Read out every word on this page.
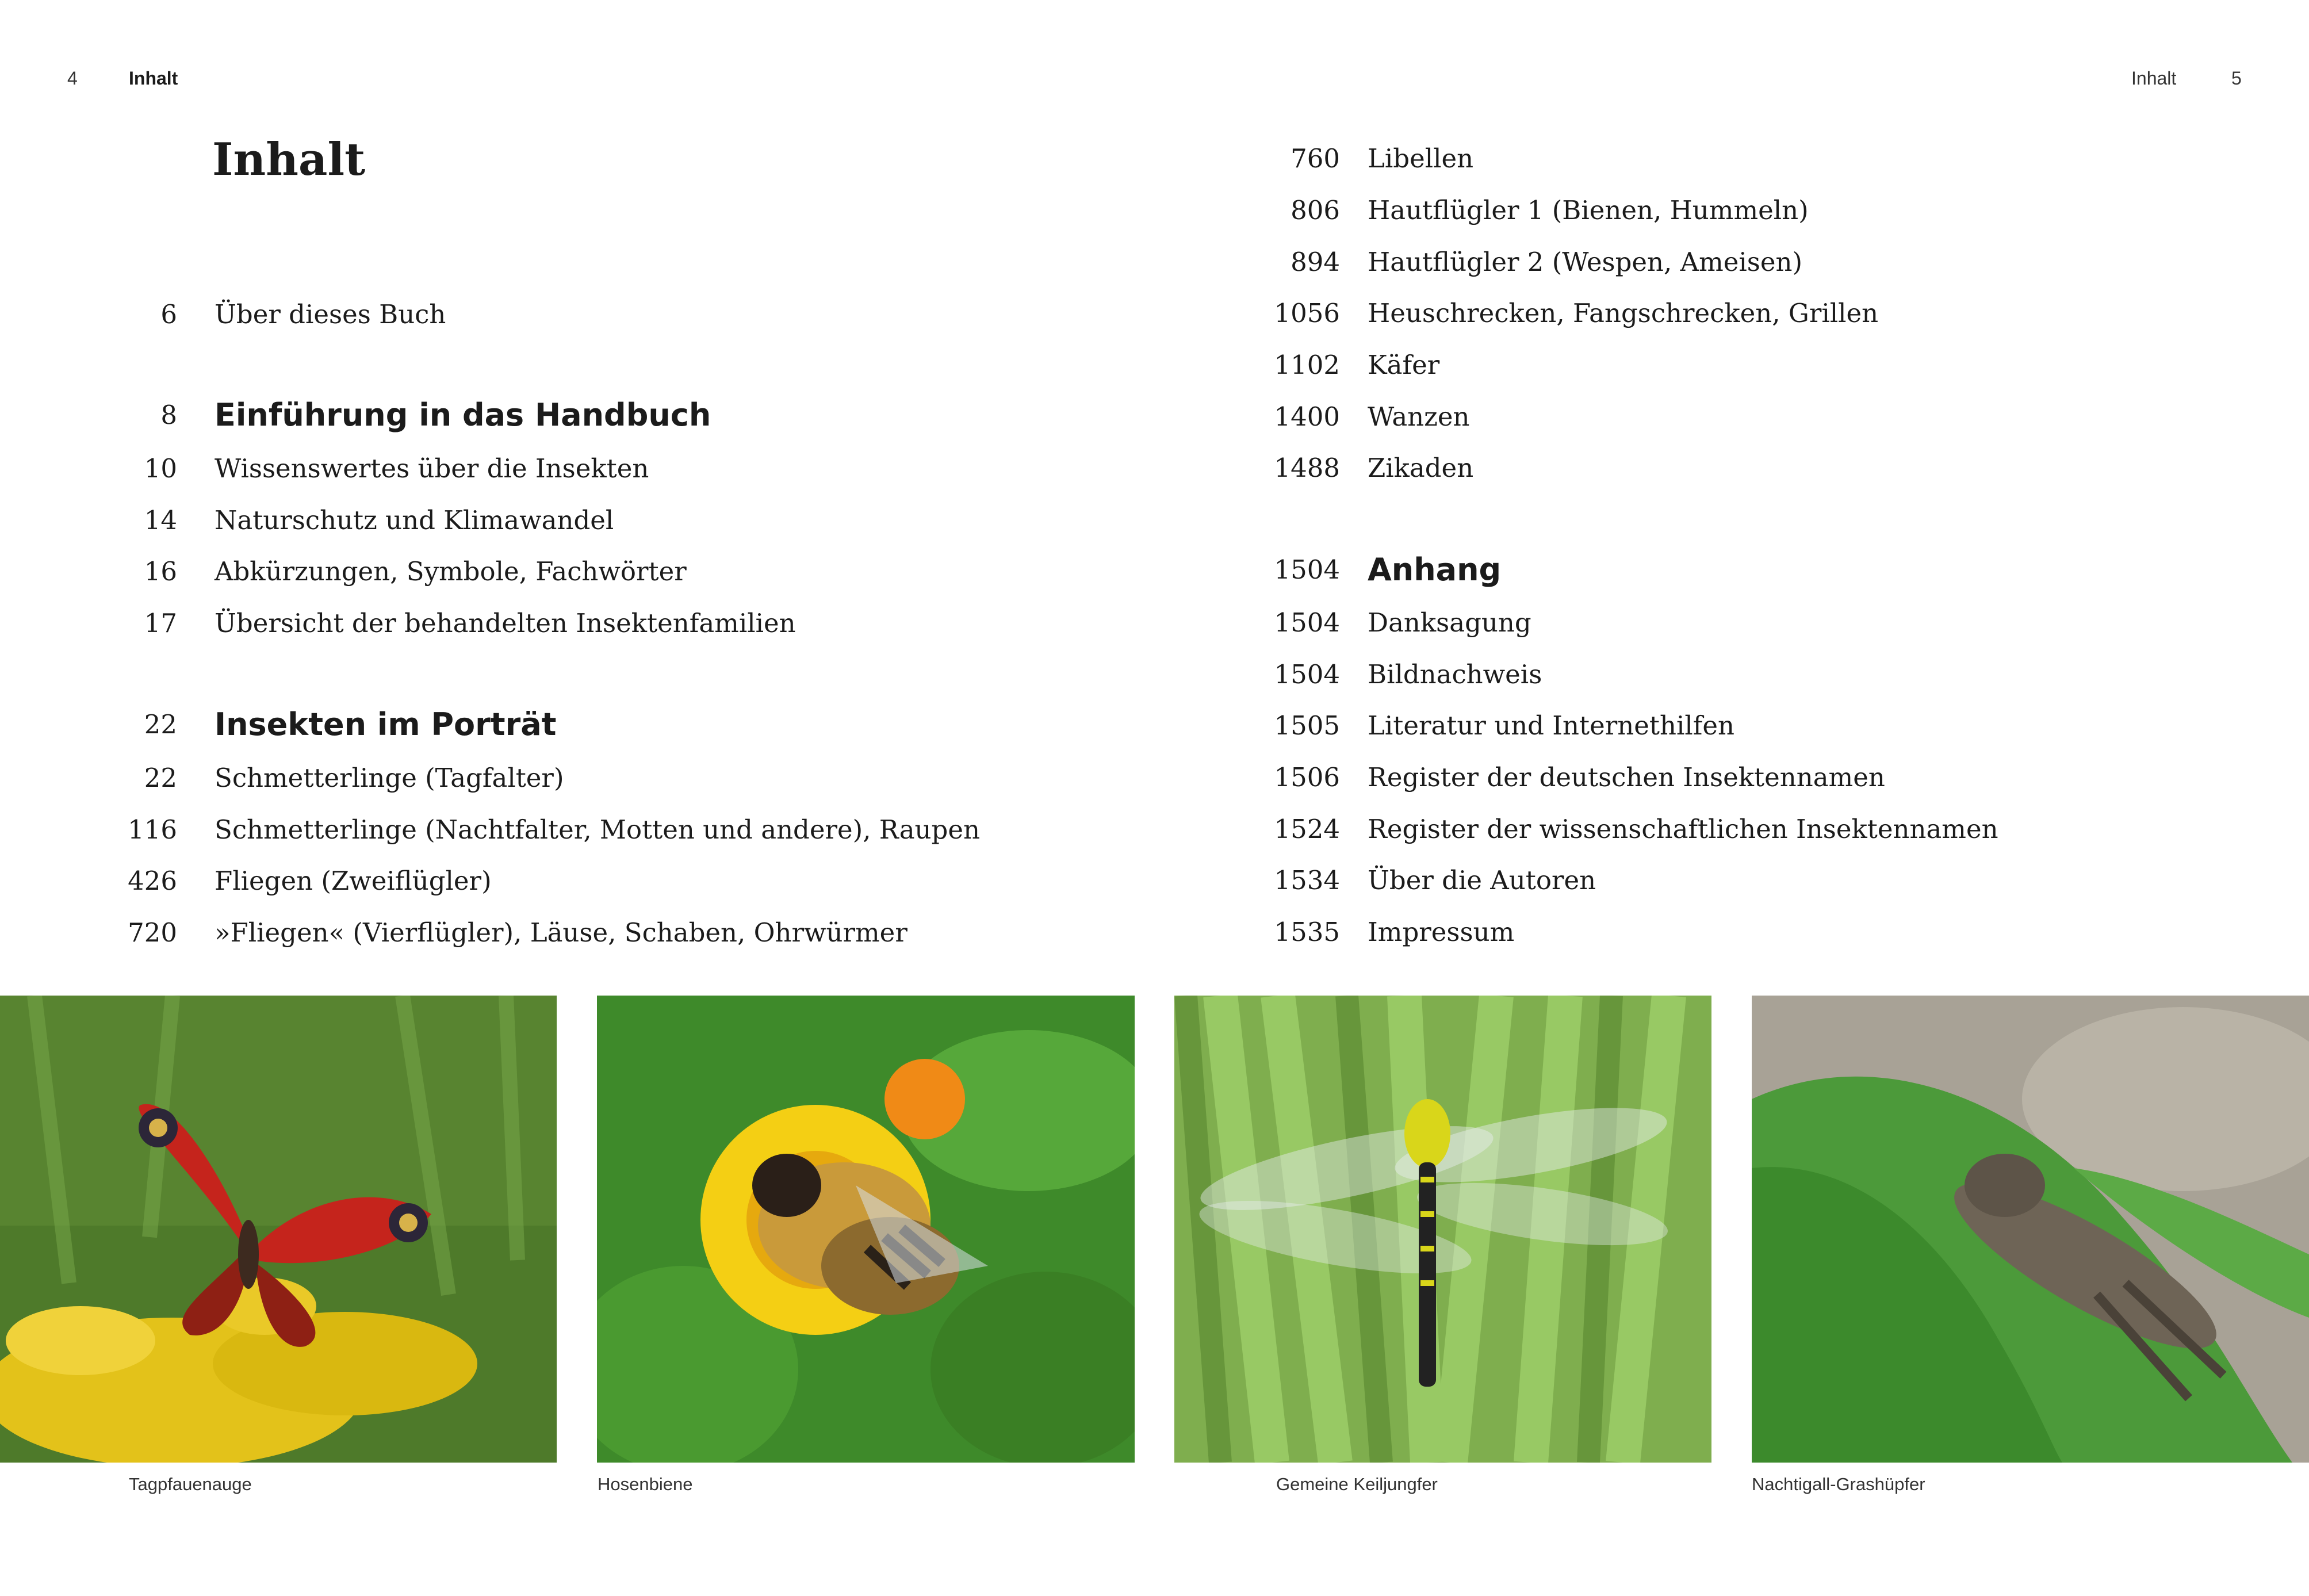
4	Inhalt	Inhalt	5
Inhalt
6 Über dieses Buch
8 Einführung in das Handbuch
10 Wissenswertes über die Insekten
14 Naturschutz und Klimawandel
16 Abkürzungen, Symbole, Fachwörter
17 Übersicht der behandelten Insektenfamilien
22 Insekten im Porträt
22 Schmetterlinge (Tagfalter)
116 Schmetterlinge (Nachtfalter, Motten und andere), Raupen
426 Fliegen (Zweiflügler)
720 »Fliegen« (Vierflügler), Läuse, Schaben, Ohrwürmer
760 Libellen
806 Hautflügler 1 (Bienen, Hummeln)
894 Hautflügler 2 (Wespen, Ameisen)
1056 Heuschrecken, Fangschrecken, Grillen
1102 Käfer
1400 Wanzen
1488 Zikaden
1504 Anhang
1504 Danksagung
1504 Bildnachweis
1505 Literatur und Internethilfen
1506 Register der deutschen Insektennamen
1524 Register der wissenschaftlichen Insektennamen
1534 Über die Autoren
1535 Impressum
Tagpfauenauge	Hosenbiene	Gemeine Keiljungfer	Nachtigall-Grashüpfer
